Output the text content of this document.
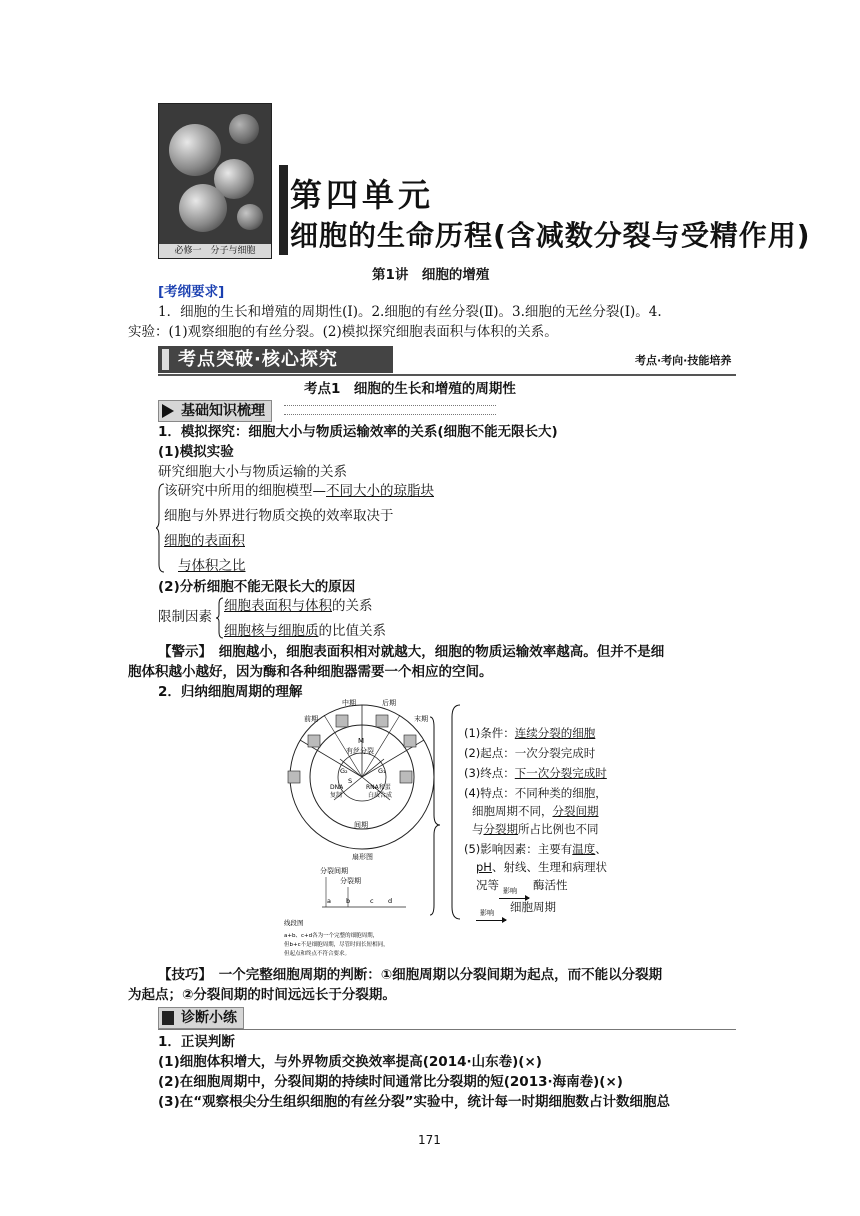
必修一　分子与细胞
第四单元
细胞的生命历程(含减数分裂与受精作用)
第1讲　细胞的增殖
[考纲要求]
1．细胞的生长和增殖的周期性(Ⅰ)。2.细胞的有丝分裂(Ⅱ)。3.细胞的无丝分裂(Ⅰ)。4.
实验：(1)观察细胞的有丝分裂。(2)模拟探究细胞表面积与体积的关系。
考点突破·核心探究	考点·考向·技能培养
考点1　细胞的生长和增殖的周期性
基础知识梳理
1．模拟探究：细胞大小与物质运输效率的关系(细胞不能无限长大)
(1)模拟实验
研究细胞大小与物质运输的关系
该研究中所用的细胞模型—不同大小的琼脂块
细胞与外界进行物质交换的效率取决于
细胞的表面积
与体积之比
(2)分析细胞不能无限长大的原因
限制因素
细胞表面积与体积的关系
细胞核与细胞质的比值关系
【警示】　细胞越小，细胞表面积相对就越大，细胞的物质运输效率越高。但并不是细
胞体积越小越好，因为酶和各种细胞器需要一个相应的空间。
2．归纳细胞周期的理解
前期
中期	后期
末期
M
有丝分裂
G₂
S
G₁
DNA
复制
RNA和蛋
白质合成
间期
扇形图
分裂间期
分裂期
a b	c d
线段图
a+b、c+d各为一个完整的细胞周期，
但b+c不是细胞周期，尽管时间长短相同，
但起点和终点不符合要求。
(1)条件：连续分裂的细胞
(2)起点：一次分裂完成时
(3)终点：下一次分裂完成时
(4)特点：不同种类的细胞，
细胞周期不同，分裂间期
与分裂期所占比例也不同
(5)影响因素：主要有温度、
pH、射线、生理和病理状
况等 影响 酶活性
影响 细胞周期
【技巧】　一个完整细胞周期的判断：①细胞周期以分裂间期为起点，而不能以分裂期
为起点；②分裂间期的时间远远长于分裂期。
诊断小练
1．正误判断
(1)细胞体积增大，与外界物质交换效率提高(2014·山东卷)(×)
(2)在细胞周期中，分裂间期的持续时间通常比分裂期的短(2013·海南卷)(×)
(3)在“观察根尖分生组织细胞的有丝分裂”实验中，统计每一时期细胞数占计数细胞总
171
